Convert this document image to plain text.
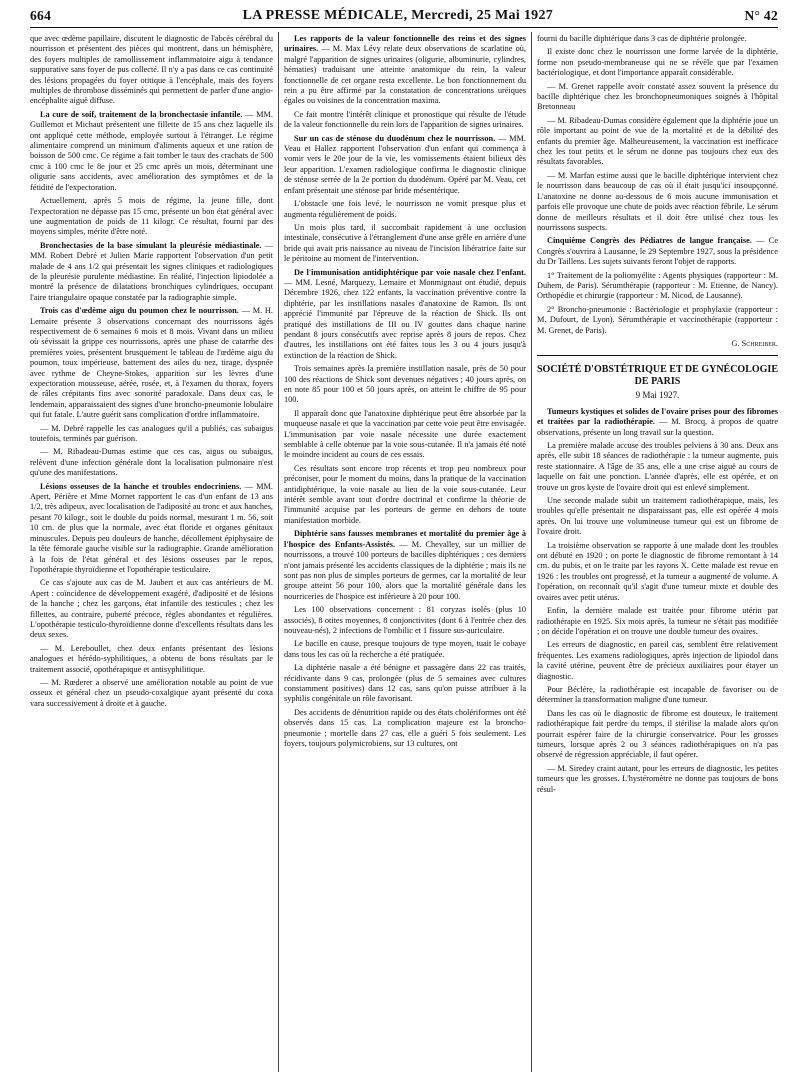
664	LA PRESSE MÉDICALE, Mercredi, 25 Mai 1927	N° 42

que avec œdème papillaire, discutent le diagnostic de l'abcès cérébral du nourrisson et présentent des pièces qui montrent, dans un hémisphère, des foyers multiples de ramollissement inflammatoire aigu à tendance suppurative sans foyer de pus collecté. Il n'y a pas dans ce cas continuité des lésions propagées du foyer otitique à l'encéphale, mais des foyers multiples de thrombose disséminés qui permettent de parler d'une angio-encéphalite aiguë diffuse.

La cure de soif, traitement de la bronchectasie infantile. — MM. Guillemot et Michaut présentent une fillette de 15 ans chez laquelle ils ont appliqué cette méthode, employée surtout à l'étranger. Le régime alimentaire comprend un minimum d'aliments aqueux et une ration de boisson de 500 cmc. Ce régime a fait tomber le taux des crachats de 500 cmc à 100 cmc le 8e jour et 25 cmc après un mois, déterminant une oligurie sans accidents, avec amélioration des symptômes et de la fétidité de l'expectoration.

Actuellement, après 5 mois de régime, la jeune fille, dont l'expectoration ne dépasse pas 15 cmc, présente un bon état général avec une augmentation de poids de 11 kilogr. Ce résultat, fourni par des moyens simples, mérite d'être noté.

Bronchectasies de la base simulant la pleurésie médiastinale. — MM. Robert Debré et Julien Marie rapportent l'observation d'un petit malade de 4 ans 1/2 qui présentait les signes cliniques et radiologiques de la pleurésie purulente médiastine. En réalité, l'injection lipiodolée a montré la présence de dilatations bronchiques cylindriques, occupant l'aire triangulaire opaque constatée par la radiographie simple.

Trois cas d'œdème aigu du poumon chez le nourrisson. — M. H. Lemaire présente 3 observations concernant des nourrissons âgés respectivement de 6 semaines 6 mois et 8 mois. Vivant dans un milieu où sévissait la grippe ces nourrissons, après une phase de catarrhe des premières voies, présentent brusquement le tableau de l'œdème aigu du poumon, toux impérieuse, battement des ailes du nez, tirage, dyspnée avec rythme de Cheyne-Stokes, apparition sur les lèvres d'une expectoration mousseuse, aérée, rosée, et, à l'examen du thorax, foyers de râles crépitants fins avec sonorité paradoxale. Dans deux cas, le lendemain, apparaissaient des signes d'une broncho-pneumonie lobulaire qui fut fatale. L'autre guérit sans complication d'ordre inflammatoire.

— M. Debré rappelle les cas analogues qu'il a publiés, cas subaigus toutefois, terminés par guérison.

— M. Ribadeau-Dumas estime que ces cas, aigus ou subaigus, relèvent d'une infection générale dont la localisation pulmonaire n'est qu'une des manifestations.

Lésions osseuses de la hanche et troubles endocriniens. — MM. Apert, Périère et Mme Mornet rapportent le cas d'un enfant de 13 ans 1/2, très adipeux, avec localisation de l'adiposité au tronc et aux hanches, pesant 70 kilogr., soit le double du poids normal, mesurant 1 m. 56, soit 10 cm. de plus que la normale, avec état floride et organes génitaux minuscules. Depuis peu douleurs de hanche, décollement épiphysaire de la tête fémorale gauche visible sur la radiographie. Grande amélioration à la fois de l'état général et des lésions osseuses par le repos, l'opothérapie thyroïdienne et l'opothérapie testiculaire.

Ce cas s'ajoute aux cas de M. Jaubert et aux cas antérieurs de M. Apert : coïncidence de développement exagéré, d'adiposité et de lésions de la hanche ; chez les garçons, état infantile des testicules ; chez les fillettes, au contraire, puberté précoce, règles abondantes et régulières. L'opothérapie testiculo-thyroïdienne donne d'excellents résultats dans les deux sexes.

— M. Lereboullet, chez deux enfants présentant des lésions analogues et hérédo-syphilitiques, a obtenu de bons résultats par le traitement associé, opothérapique et antisyphilitique.

— M. Rœderer a observé une amélioration notable au point de vue osseux et général chez un pseudo-coxalgique ayant présenté du coxa vara successivement à droite et à gauche.

Les rapports de la valeur fonctionnelle des reins et des signes urinaires. — M. Max Lévy relate deux observations de scarlatine où, malgré l'apparition de signes urinaires (oligurie, albuminurie, cylindres, hématies) traduisant une atteinte anatomique du rein, la valeur fonctionnelle de cet organe resta excellente. Le bon fonctionnement du rein a pu être affirmé par la constatation de concentrations uréiques égales ou voisines de la concentration maxima.

Ce fait montre l'intérêt clinique et pronostique qui résulte de l'étude de la valeur fonctionnelle du rein lors de l'apparition de signes urinaires.

Sur un cas de sténose du duodénum chez le nourrisson. — MM. Veau et Hallez rapportent l'observation d'un enfant qui commença à vomir vers le 20e jour de la vie, les vomissements étaient bilieux dès leur apparition. L'examen radiologique confirma le diagnostic clinique de sténose serrée de la 2e portion du duodénum. Opéré par M. Veau, cet enfant présentait une sténose par bride mésentérique.

L'obstacle une fois levé, le nourrisson ne vomit presque plus et augmenta régulièrement de poids.

Un mois plus tard, il succombait rapidement à une occlusion intestinale, consécutive à l'étranglement d'une anse grêle en arrière d'une bride qui avait pris naissance au niveau de l'incision libératrice faite sur le péritoine au moment de l'intervention.

De l'immunisation antidiphtérique par voie nasale chez l'enfant. — MM. Lesné, Marquezy, Lemaire et Monmignaut ont étudié, depuis Décembre 1926, chez 122 enfants, la vaccination préventive contre la diphtérie, par les instillations nasales d'anatoxine de Ramon. Ils ont apprécié l'immunité par l'épreuve de la réaction de Shick. Ils ont pratiqué des instillations de III ou IV gouttes dans chaque narine pendant 8 jours consécutifs avec reprise après 8 jours de repos. Chez d'autres, les instillations ont été faites tous les 3 ou 4 jours jusqu'à extinction de la réaction de Shick.

Trois semaines après la première instillation nasale, près de 50 pour 100 des réactions de Shick sont devenues négatives ; 40 jours après, on en note 85 pour 100 et 50 jours après, on atteint le chiffre de 95 pour 100.

Il apparaît donc que l'anatoxine diphtérique peut être absorbée par la muqueuse nasale et que la vaccination par cette voie peut être envisagée. L'immunisation par voie nasale nécessite une durée exactement semblable à celle obtenue par la voie sous-cutanée. Il n'a jamais été noté le moindre incident au cours de ces essais.

Ces résultats sont encore trop récents et trop peu nombreux pour préconiser, pour le moment du moins, dans la pratique de la vaccination antidiphtérique, la voie nasale au lieu de la voie sous-cutanée. Leur intérêt semble avant tout d'ordre doctrinal et confirme la théorie de l'immunité acquise par les porteurs de germe en dehors de toute manifestation morbide.

Diphtérie sans fausses membranes et mortalité du premier âge à l'hospice des Enfants-Assistés. — M. Chevalley, sur un millier de nourrissons, a trouvé 100 porteurs de bacilles diphtériques ; ces derniers n'ont jamais présenté les accidents classiques de la diphtérie ; mais ils ne sont pas non plus de simples porteurs de germes, car la mortalité de leur groupe atteint 56 pour 100, alors que la mortalité générale dans les nourriceries de l'hospice est inférieure à 20 pour 100.

Les 100 observations concernent : 81 coryzas isolés (plus 10 associés), 8 otites moyennes, 8 conjonctivites (dont 6 à l'entrée chez des nouveau-nés), 2 infections de l'ombilic et 1 fissure sus-auriculaire.

Le bacille en cause, presque toujours de type moyen, tuait le cobaye dans tous les cas où la recherche a été pratiquée.

La diphtérie nasale a été bénigne et passagère dans 22 cas traités, récidivante dans 9 cas, prolongée (plus de 5 semaines avec cultures constamment positives) dans 12 cas, sans qu'on puisse attribuer à la syphilis congénitale un rôle favorisant.

Des accidents de dénutrition rapide ou des états cholériformes ont été observés dans 15 cas. La complication majeure est la broncho-pneumonie ; mortelle dans 27 cas, elle a guéri 5 fois seulement. Les foyers, toujours polymicrobiens, sur 13 cultures, ont

fourni du bacille diphtérique dans 3 cas de diphtérie prolongée.

Il existe donc chez le nourrisson une forme larvée de la diphtérie, forme non pseudo-membraneuse qui ne se révèle que par l'examen bactériologique, et dont l'importance apparaît considérable.

— M. Grenet rappelle avoir constaté assez souvent la présence du bacille diphtérique chez les bronchopneumoniques soignés à l'hôpital Bretonneau

— M. Ribadeau-Dumas considère également que la diphtérie joue un rôle important au point de vue de la mortalité et de la débilité des enfants du premier âge. Malheureusement, la vaccination est inefficace chez les tout petits et le sérum ne donne pas toujours chez eux des résultats favorables.

— M. Marfan estime aussi que le bacille diphtérique intervient chez le nourrisson dans beaucoup de cas où il était jusqu'ici insoupçonné. L'anatoxine ne donne au-dessous de 6 mois aucune immunisation et parfois elle provoque une chute de poids avec réaction fébrile. Le sérum donne de meilleurs résultats et il doit être utilisé chez tous les nourrissons suspects.

Cinquième Congrès des Pédiatres de langue française. — Ce Congrès s'ouvrira à Lausanne, le 29 Septembre 1927, sous la présidence du Dr Taillens. Les sujets suivants feront l'objet de rapports.

1° Traitement de la poliomyélite : Agents physiques (rapporteur : M. Duhem, de Paris). Sérumthérapie (rapporteur : M. Etienne, de Nancy). Orthopédie et chirurgie (rapporteur : M. Nicod, de Lausanne).

2° Broncho-pneumonie : Bactériologie et prophylaxie (rapporteur : M. Dufourt, de Lyon). Sérumthérapie et vaccinothérapie (rapporteur : M. Grenet, de Paris).

G. Schreiber.
SOCIÉTÉ D'OBSTÉTRIQUE ET DE GYNÉCOLOGIE
DE PARIS
9 Mai 1927.

Tumeurs kystiques et solides de l'ovaire prises pour des fibromes et traitées par la radiothérapie. — M. Brocq, à propos de quatre observations, présente un long travail sur la question.

La première malade accuse des troubles pelviens à 30 ans. Deux ans après, elle subit 18 séances de radiothérapie : la tumeur augmente, puis reste stationnaire. A l'âge de 35 ans, elle a une crise aiguë au cours de laquelle on fait une ponction. L'année d'après, elle est opérée, et on trouve un gros kyste de l'ovaire droit qui est enlevé simplement.

Une seconde malade subit un traitement radiothérapique, mais, les troubles qu'elle présentait ne disparaissant pas, elle est opérée 4 mois après. On lui trouve une volumineuse tumeur qui est un fibrome de l'ovaire droit.

La troisième observation se rapporte à une malade dont les troubles ont débuté en 1920 ; on porte le diagnostic de fibrome remontant à 14 cm. du pubis, et on le traite par les rayons X. Cette malade est revue en 1926 : les troubles ont progressé, et la tumeur a augmenté de volume. A l'opération, on reconnaît qu'il s'agit d'une tumeur mixte et double des ovaires avec petit utérus.

Enfin, la dernière malade est traitée pour fibrome utérin par radiothérapie en 1925. Six mois après, la tumeur ne s'était pas modifiée ; on décide l'opération et on trouve une double tumeur des ovaires.

Les erreurs de diagnostic, en pareil cas, semblent être relativement fréquentes. Les examens radiologiques, après injection de lipiodol dans la cavité utérine, peuvent être de précieux auxiliaires pour étayer un diagnostic.

Pour Béclère, la radiothérapie est incapable de favoriser ou de déterminer la transformation maligne d'une tumeur.

Dans les cas où le diagnostic de fibrome est douteux, le traitement radiothérapique fait perdre du temps, il stérilise la malade alors qu'on pourrait espérer faire de la chirurgie conservatrice. Pour les grosses tumeurs, lorsque après 2 ou 3 séances radiothérapiques on n'a pas observé de régression appréciable, il faut opérer.

— M. Siredey craint autant, pour les erreurs de diagnostic, les petites tumeurs que les grosses. L'hystéromètre ne donne pas toujours de bons résul-
